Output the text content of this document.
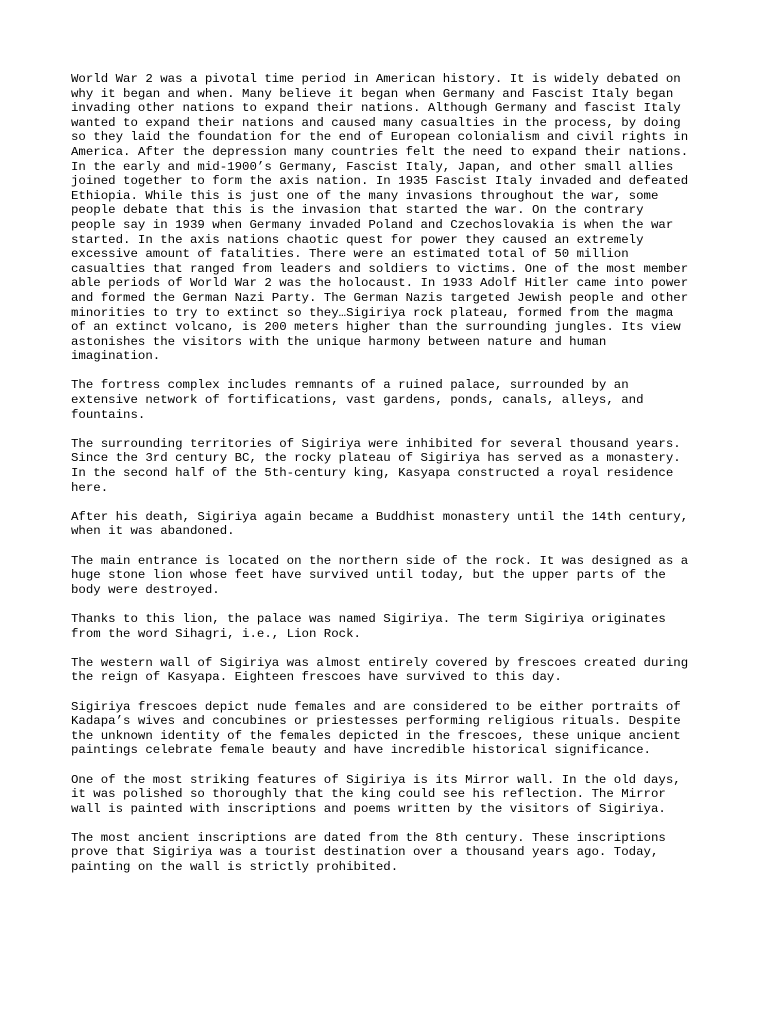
World War 2 was a pivotal time period in American history. It is widely debated on
why it began and when. Many believe it began when Germany and Fascist Italy began
invading other nations to expand their nations. Although Germany and fascist Italy
wanted to expand their nations and caused many casualties in the process, by doing
so they laid the foundation for the end of European colonialism and civil rights in
America. After the depression many countries felt the need to expand their nations.
In the early and mid-1900’s Germany, Fascist Italy, Japan, and other small allies
joined together to form the axis nation. In 1935 Fascist Italy invaded and defeated
Ethiopia. While this is just one of the many invasions throughout the war, some
people debate that this is the invasion that started the war. On the contrary
people say in 1939 when Germany invaded Poland and Czechoslovakia is when the war
started. In the axis nations chaotic quest for power they caused an extremely
excessive amount of fatalities. There were an estimated total of 50 million
casualties that ranged from leaders and soldiers to victims. One of the most member
able periods of World War 2 was the holocaust. In 1933 Adolf Hitler came into power
and formed the German Nazi Party. The German Nazis targeted Jewish people and other
minorities to try to extinct so they…Sigiriya rock plateau, formed from the magma
of an extinct volcano, is 200 meters higher than the surrounding jungles. Its view
astonishes the visitors with the unique harmony between nature and human
imagination.

The fortress complex includes remnants of a ruined palace, surrounded by an
extensive network of fortifications, vast gardens, ponds, canals, alleys, and
fountains.

The surrounding territories of Sigiriya were inhibited for several thousand years.
Since the 3rd century BC, the rocky plateau of Sigiriya has served as a monastery.
In the second half of the 5th-century king, Kasyapa constructed a royal residence
here.

After his death, Sigiriya again became a Buddhist monastery until the 14th century,
when it was abandoned.

The main entrance is located on the northern side of the rock. It was designed as a
huge stone lion whose feet have survived until today, but the upper parts of the
body were destroyed.

Thanks to this lion, the palace was named Sigiriya. The term Sigiriya originates
from the word Sihagri, i.e., Lion Rock.

The western wall of Sigiriya was almost entirely covered by frescoes created during
the reign of Kasyapa. Eighteen frescoes have survived to this day.

Sigiriya frescoes depict nude females and are considered to be either portraits of
Kadapa’s wives and concubines or priestesses performing religious rituals. Despite
the unknown identity of the females depicted in the frescoes, these unique ancient
paintings celebrate female beauty and have incredible historical significance.

One of the most striking features of Sigiriya is its Mirror wall. In the old days,
it was polished so thoroughly that the king could see his reflection. The Mirror
wall is painted with inscriptions and poems written by the visitors of Sigiriya.

The most ancient inscriptions are dated from the 8th century. These inscriptions
prove that Sigiriya was a tourist destination over a thousand years ago. Today,
painting on the wall is strictly prohibited.
